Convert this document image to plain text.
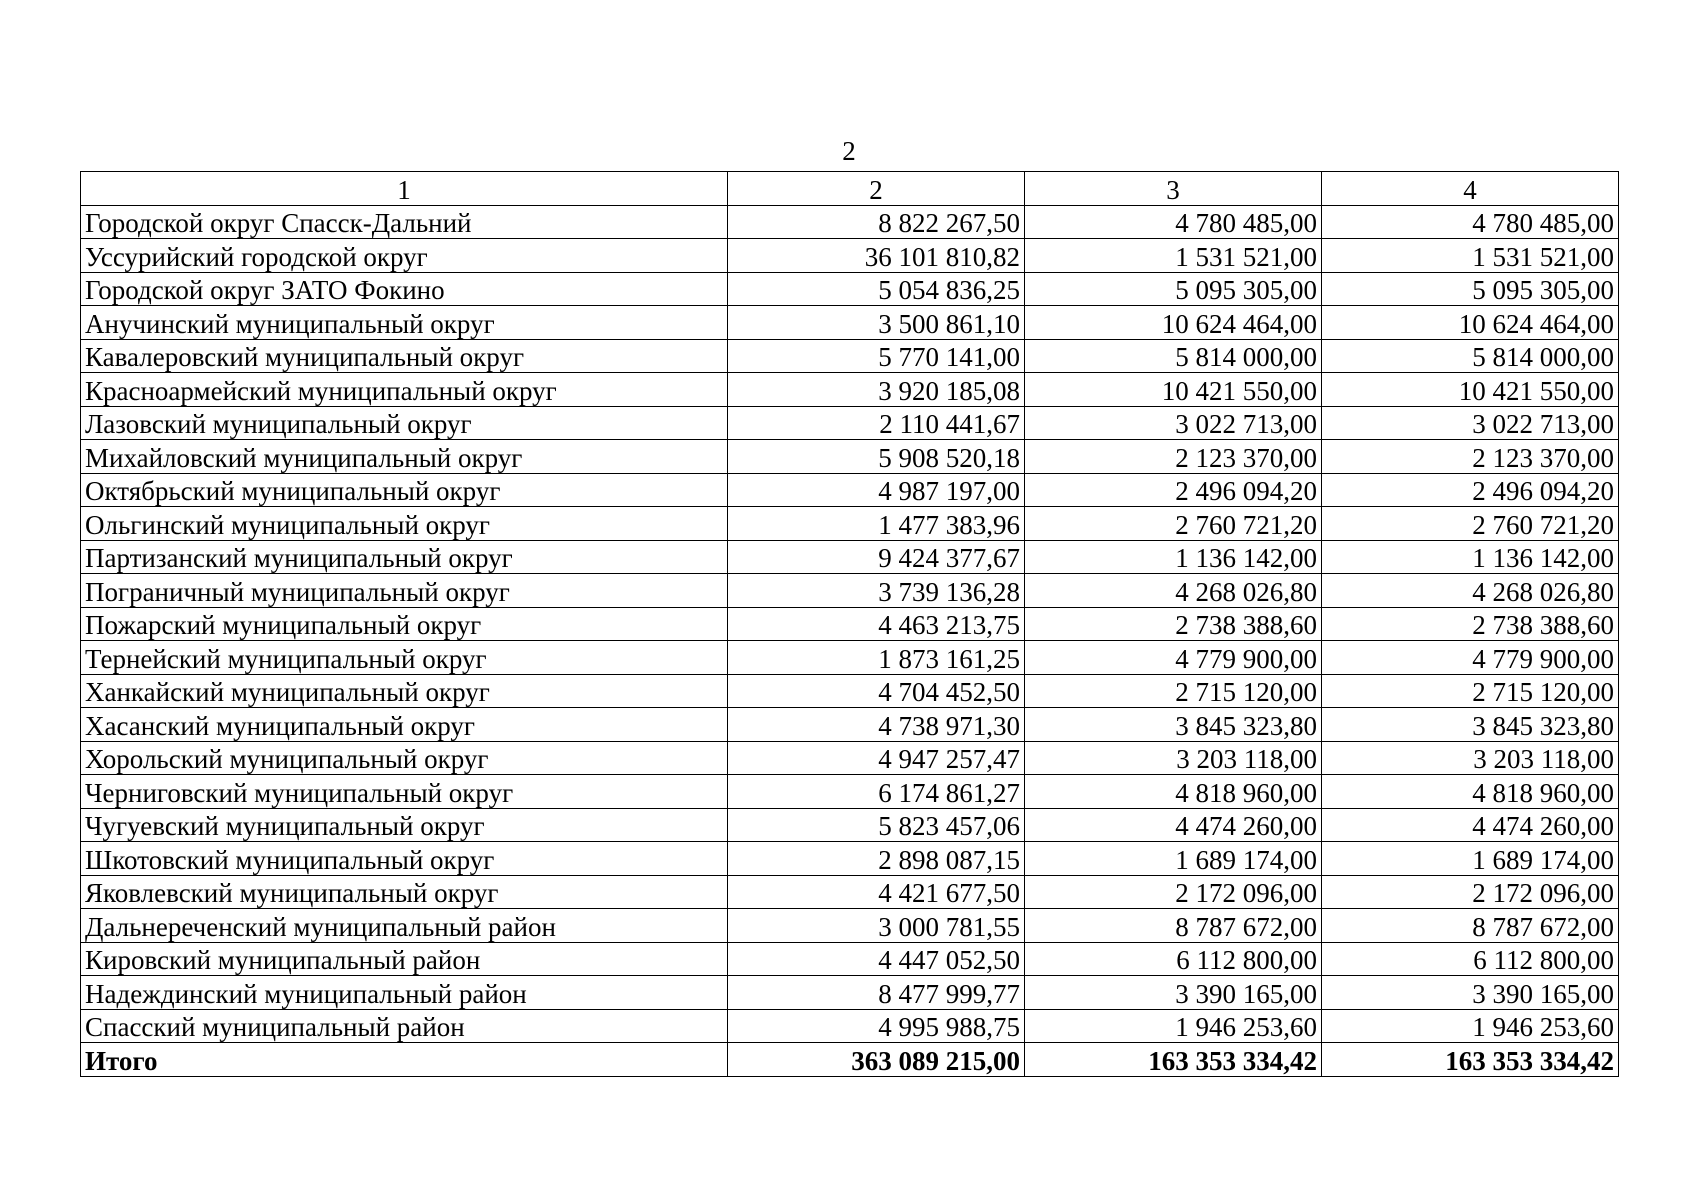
2
1	2	3	4
Городской округ Спасск-Дальний	8 822 267,50	4 780 485,00	4 780 485,00
Уссурийский городской округ	36 101 810,82	1 531 521,00	1 531 521,00
Городской округ ЗАТО Фокино	5 054 836,25	5 095 305,00	5 095 305,00
Анучинский муниципальный округ	3 500 861,10	10 624 464,00	10 624 464,00
Кавалеровский муниципальный округ	5 770 141,00	5 814 000,00	5 814 000,00
Красноармейский муниципальный округ	3 920 185,08	10 421 550,00	10 421 550,00
Лазовский муниципальный округ	2 110 441,67	3 022 713,00	3 022 713,00
Михайловский муниципальный округ	5 908 520,18	2 123 370,00	2 123 370,00
Октябрьский муниципальный округ	4 987 197,00	2 496 094,20	2 496 094,20
Ольгинский муниципальный округ	1 477 383,96	2 760 721,20	2 760 721,20
Партизанский муниципальный округ	9 424 377,67	1 136 142,00	1 136 142,00
Пограничный муниципальный округ	3 739 136,28	4 268 026,80	4 268 026,80
Пожарский муниципальный округ	4 463 213,75	2 738 388,60	2 738 388,60
Тернейский муниципальный округ	1 873 161,25	4 779 900,00	4 779 900,00
Ханкайский муниципальный округ	4 704 452,50	2 715 120,00	2 715 120,00
Хасанский муниципальный округ	4 738 971,30	3 845 323,80	3 845 323,80
Хорольский муниципальный округ	4 947 257,47	3 203 118,00	3 203 118,00
Черниговский муниципальный округ	6 174 861,27	4 818 960,00	4 818 960,00
Чугуевский муниципальный округ	5 823 457,06	4 474 260,00	4 474 260,00
Шкотовский муниципальный округ	2 898 087,15	1 689 174,00	1 689 174,00
Яковлевский муниципальный округ	4 421 677,50	2 172 096,00	2 172 096,00
Дальнереченский муниципальный район	3 000 781,55	8 787 672,00	8 787 672,00
Кировский муниципальный район	4 447 052,50	6 112 800,00	6 112 800,00
Надеждинский муниципальный район	8 477 999,77	3 390 165,00	3 390 165,00
Спасский муниципальный район	4 995 988,75	1 946 253,60	1 946 253,60
Итого	363 089 215,00	163 353 334,42	163 353 334,42
